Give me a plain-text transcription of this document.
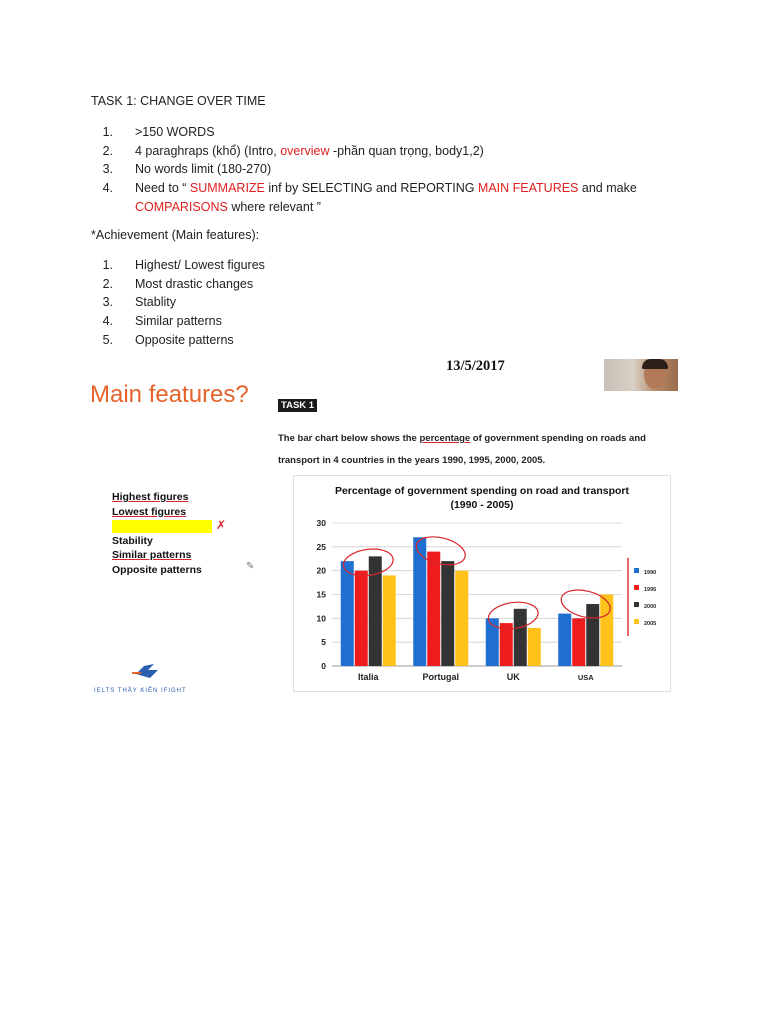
TASK 1: CHANGE OVER TIME
1. >150 WORDS
2. 4 paraghraps (khổ) (Intro, overview -phần quan trọng, body1,2)
3. No words limit (180-270)
4. Need to “ SUMMARIZE inf by SELECTING and REPORTING MAIN FEATURES and make
COMPARISONS where relevant ”
*Achievement (Main features):
1. Highest/ Lowest figures
2. Most drastic changes
3. Stablity
4. Similar patterns
5. Opposite patterns
13/5/2017
Main features?	TASK 1
The bar chart below shows the percentage of government spending on roads and transport in 4 countries in the years 1990, 1995, 2000, 2005.
Highest figures
Lowest figures
✗
Stability
Similar patterns
Opposite patterns	✎
IELTS THẦY KIÊN IFIGHT
Percentage of government spending on road and transport
(1990 - 2005)
0
5
10
15
20
25
30
Italia	Portugal	UK	USA
1990
1995
2000
2005
